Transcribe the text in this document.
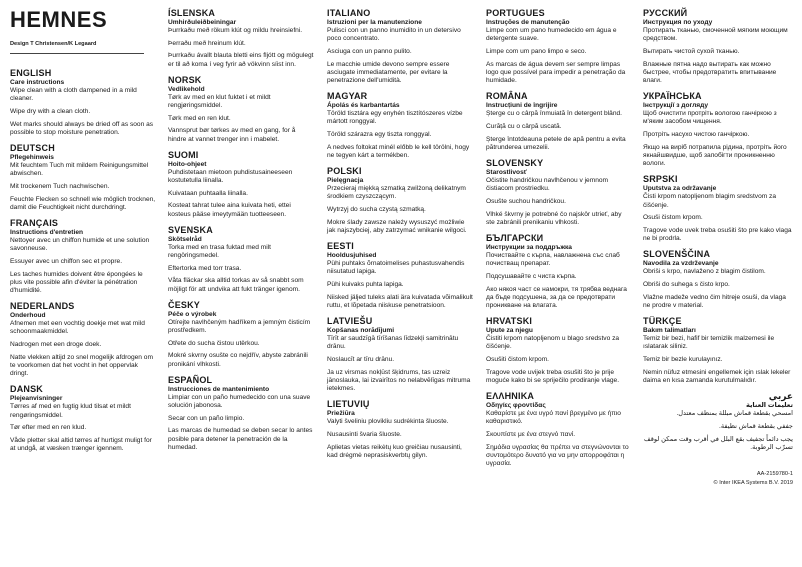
HEMNES
Design T Christensen/K Legaard
ENGLISH
Care instructions

Wipe clean with a cloth dampened in a mild cleaner.

Wipe dry with a clean cloth.

Wet marks should always be dried off as soon as possible to stop moisture penetration.

DEUTSCH
Pflegehinweis

Mit feuchtem Tuch mit mildem Reinigungsmittel abwischen.

Mit trockenem Tuch nachwischen.

Feuchte Flecken so schnell wie möglich trocknen, damit die Feuchtigkeit nicht durchdringt.

FRANÇAIS
Instructions d'entretien

Nettoyer avec un chiffon humide et une solution savonneuse.

Essuyer avec un chiffon sec et propre.

Les taches humides doivent être épongées le plus vite possible afin d'éviter la pénétration d'humidité.

NEDERLANDS
Onderhoud

Afnemen met een vochtig doekje met wat mild schoonmaakmiddel.

Nadrogen met een droge doek.

Natte vlekken altijd zo snel mogelijk afdrogen om te voorkomen dat het vocht in het oppervlak dringt.

DANSK
Plejeanvisninger

Tørres af med en fugtig klud tilsat et mildt rengøringsmiddel.

Tør efter med en ren klud.

Våde pletter skal altid tørres af hurtigst muligt for at undgå, at væsken trænger igennem.

ÍSLENSKA
Umhirðuleiðbeiningar

Þurrkaðu með rökum klút og mildu hreinsiefni.

Þerraðu með hreinum klút.

Þurrkaðu ávallt blauta bletti eins fljótt og mögulegt er til að koma í veg fyrir að vökvinn síist inn.

NORSK
Vedlikehold

Tørk av med en klut fuktet i et mildt rengjøringsmiddel.

Tørk med en ren klut.

Vannsprut bør tørkes av med en gang, for å hindre at vannet trenger inn i mabelet.

SUOMI
Hoito-ohjeet

Puhdistetaan mietoon puhdistusaineeseen kostutetulla liinalla.

Kuivataan puhtaalla liinalla.

Kosteat tahrat tulee aina kuivata heti, ettei kosteus pääse imeytymään tuotteeseen.

SVENSKA
Skötselråd

Torka med en trasa fuktad med milt rengöringsmedel.

Eftertorka med torr trasa.

Våta fläckar ska alltid torkas av så snabbt som möjligt för att undvika att fukt tränger igenom.

ČESKY
Péče o výrobek

Otírejte navlhčeným hadříkem a jemným čisticím prostředkem.

Otřete do sucha čistou utěrkou.

Mokré skvrny osušte co nejdřív, abyste zabránili pronikání vlhkosti.

ESPAÑOL
Instrucciones de mantenimiento

Limpiar con un paño humedecido con una suave solución jabonosa.

Secar con un paño limpio.

Las marcas de humedad se deben secar lo antes posible para detener la penetración de la humedad.

ITALIANO
Istruzioni per la manutenzione

Pulisci con un panno inumidito in un detersivo poco concentrato.

Asciuga con un panno pulito.

Le macchie umide devono sempre essere asciugate immediatamente, per evitare la penetrazione dell'umidità.

MAGYAR
Ápolás és karbantartás

Töröld tisztára egy enyhén tisztítószeres vízbe mártott ronggyal.

Töröld szárazra egy tiszta ronggyal.

A nedves foltokat minél előbb le kell törölni, hogy ne tegyen kárt a termékben.

POLSKI
Pielęgnacja

Przecieraj miękką szmatką zwilżoną delikatnym środkiem czyszczącym.

Wytrzyj do sucha czystą szmatką.

Mokre ślady zawsze należy wysuszyć możliwie jak najszybciej, aby zatrzymać wnikanie wilgoci.

EESTI
Hooldusjuhised

Pühi puhtaks õrnatoimelises puhastusvahendis niisutatud lapiga.

Pühi kuivaks puhta lapiga.

Niisked jäljed tuleks alati ära kuivatada võimalikult ruttu, et lõpetada niiskuse penetratsioon.

LATVIEŠU
Kopšanas norādījumi

Tīrīt ar saudzīgā tīrīšanas līdzekļi samitrinātu drānu.

Noslaucīt ar tīru drānu.

Ja uz virsmas nokļūst šķidrums, tas uzreiz jānoslauka, lai izvairītos no nelabvēlīgas mitruma ietekmes.

LIETUVIŲ
Priežiūra

Valyti šveliniu plovikliu sudrėkinta šluoste.

Nusausinti švaria šluoste.

Aplietas vietas reikėtų kuo greičiau nusausinti, kad drėgmė neprasiskverbtų gilyn.

PORTUGUES
Instruções de manutenção

Limpe com um pano humedecido em água e detergente suave.

Limpe com um pano limpo e seco.

As marcas de água devem ser sempre limpas logo que possível para impedir a penetração da humidade.

ROMÂNA
Instrucțiuni de îngrijire

Șterge cu o cârpă înmuiată în detergent blând.

Curăță cu o cârpă uscată.

Șterge întotdeauna petele de apă pentru a evita pătrunderea umezelii.

SLOVENSKY
Starostlivosť

Očistite handričkou navlhčenou v jemnom čistiacom prostriedku.

Osušte suchou handričkou.

Vlhké škvrny je potrebné čo najskôr utrieť, aby ste zabránili prenikaniu vlhkosti.

БЪЛГАРСКИ
Инструкции за поддръжка

Почиствайте с кърпа, навлажнена със слаб почистващ препарат.

Подсушавайте с чиста кърпа.

Ако някоя част се намокри, тя трябва веднага да бъде подсушена, за да се предотврати проникване на влагата.

HRVATSKI
Upute za njegu

Čistiti krpom natopljenom u blago sredstvo za čišćenje.

Osušiti čistom krpom.

Tragove vode uvijek treba osušiti što je prije moguće kako bi se spriječilo prodiranje vlage.

ΕΛΛΗΝΙΚΑ
Οδηγίες φροντίδας

Καθαρίστε με ένα υγρό πανί βρεγμένο με ήπιο καθαριστικό.

Σκουπίστε με ένα στεγνό πανί.

Σημάδια υγρασίας θα πρέπει να στεγνώνονται το συντομότερο δυνατό για να μην απορροφάται η υγρασία.

РУССКИЙ
Инструкция по уходу

Протирать тканью, смоченной мягким моющим средством.

Вытирать чистой сухой тканью.

Влажные пятна надо вытирать как можно быстрее, чтобы предотвратить впитывание влаги.

УКРАЇНСЬКА
Інструкції з догляду

Щоб очистити протріть вологою ганчіркою з м'яким засобом чищення.

Протріть насухо чистою ганчіркою.

Якщо на виріб потрапила рідина, протріть його якнайшвидше, щоб запобігти проникненню вологи.

SRPSKI
Uputstva za održavanje

Čisti krpom natopljenom blagim sredstvom za čišćenje.

Osuši čistom krpom.

Tragove vode uvek treba osušiti što pre kako vlaga ne bi prodrla.

SLOVENŠČINA
Navodila za vzdrževanje

Obriši s krpo, navlaženo z blagim čistilom.

Obriši do suhega s čisto krpo.

Vlažne madeže vedno čim hitreje osuši, da vlaga ne prodre v material.

TÜRKÇE
Bakım talimatları

Temiz bir bezi, hafif bir temizlik malzemesi ile ıslatarak siliniz.

Temiz bir bezle kurulayınız.

Nemin nüfuz etmesini engellemek için ıslak lekeler daima en kısa zamanda kurutulmalıdır.

عربي
تعليمات العناية

امسحي بقطعة قماش مبللة بمنظف معتدل.

جففي بقطعة قماش نظيفة.

يجب دائماً تجفيف بقع البلل في أقرب وقت ممكن لوقف تسرّب الرطوبة.

AA-2159780-1
© Inter IKEA Systems B.V. 2019
